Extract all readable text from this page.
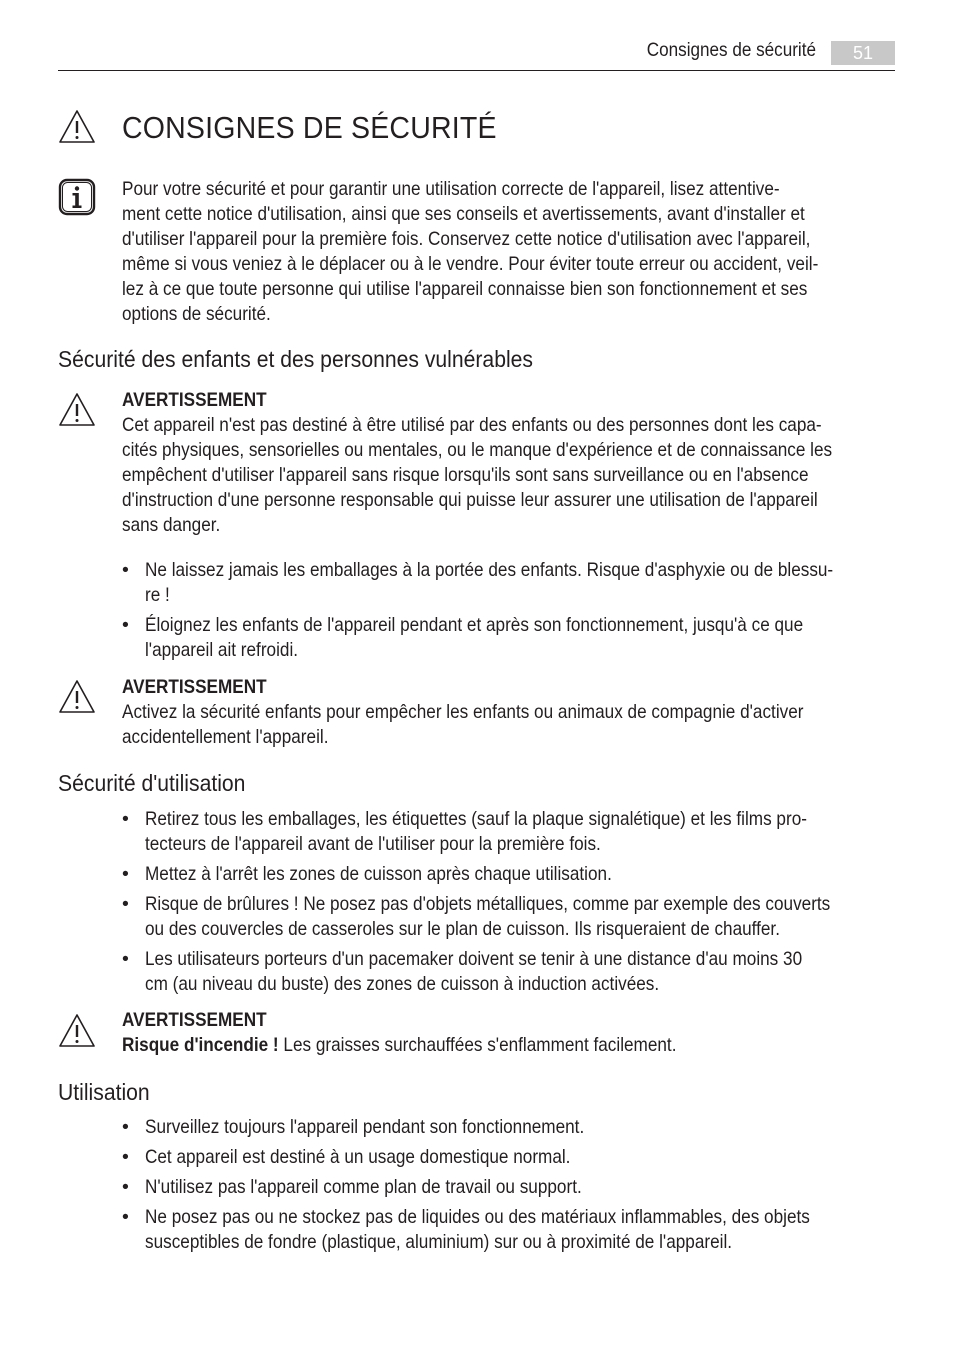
Consignes de sécurité	51
CONSIGNES DE SÉCURITÉ
Pour votre sécurité et pour garantir une utilisation correcte de l'appareil, lisez attentive-
ment cette notice d'utilisation, ainsi que ses conseils et avertissements, avant d'installer et
d'utiliser l'appareil pour la première fois. Conservez cette notice d'utilisation avec l'appareil,
même si vous veniez à le déplacer ou à le vendre. Pour éviter toute erreur ou accident, veil-
lez à ce que toute personne qui utilise l'appareil connaisse bien son fonctionnement et ses
options de sécurité.
Sécurité des enfants et des personnes vulnérables
AVERTISSEMENT
Cet appareil n'est pas destiné à être utilisé par des enfants ou des personnes dont les capa-
cités physiques, sensorielles ou mentales, ou le manque d'expérience et de connaissance les
empêchent d'utiliser l'appareil sans risque lorsqu'ils sont sans surveillance ou en l'absence
d'instruction d'une personne responsable qui puisse leur assurer une utilisation de l'appareil
sans danger.
• Ne laissez jamais les emballages à la portée des enfants. Risque d'asphyxie ou de blessu-
re !
• Éloignez les enfants de l'appareil pendant et après son fonctionnement, jusqu'à ce que
l'appareil ait refroidi.
AVERTISSEMENT
Activez la sécurité enfants pour empêcher les enfants ou animaux de compagnie d'activer
accidentellement l'appareil.
Sécurité d'utilisation
• Retirez tous les emballages, les étiquettes (sauf la plaque signalétique) et les films pro-
tecteurs de l'appareil avant de l'utiliser pour la première fois.
• Mettez à l'arrêt les zones de cuisson après chaque utilisation.
• Risque de brûlures ! Ne posez pas d'objets métalliques, comme par exemple des couverts
ou des couvercles de casseroles sur le plan de cuisson. Ils risqueraient de chauffer.
• Les utilisateurs porteurs d'un pacemaker doivent se tenir à une distance d'au moins 30
cm (au niveau du buste) des zones de cuisson à induction activées.
AVERTISSEMENT
Risque d'incendie ! Les graisses surchauffées s'enflamment facilement.
Utilisation
• Surveillez toujours l'appareil pendant son fonctionnement.
• Cet appareil est destiné à un usage domestique normal.
• N'utilisez pas l'appareil comme plan de travail ou support.
• Ne posez pas ou ne stockez pas de liquides ou des matériaux inflammables, des objets
susceptibles de fondre (plastique, aluminium) sur ou à proximité de l'appareil.
